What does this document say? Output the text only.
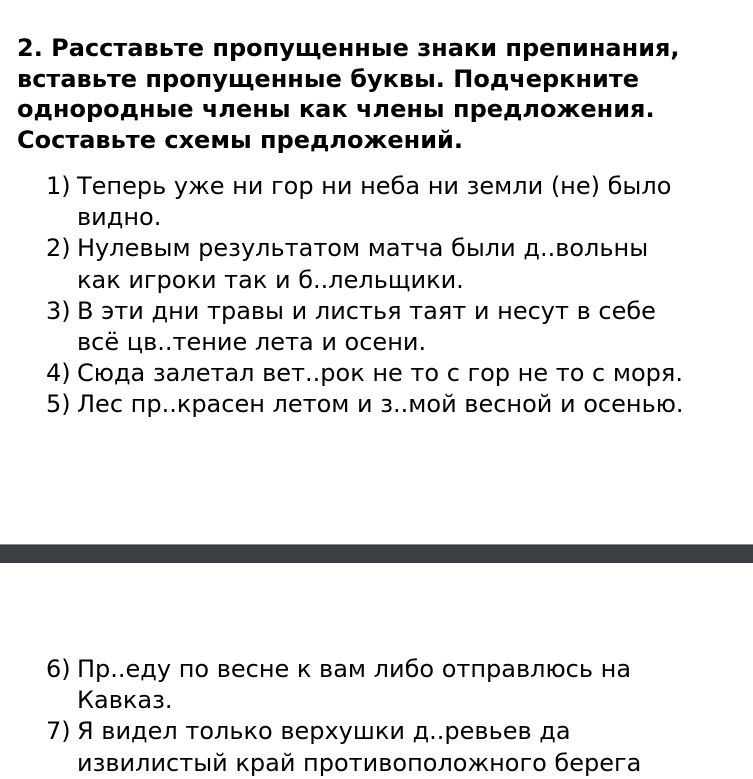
2. Расставьте пропущенные знаки препинания,
вставьте пропущенные буквы. Подчеркните
однородные члены как члены предложения.
Составьте схемы предложений.
1) Теперь уже ни гор ни неба ни земли (не) было
видно.
2) Нулевым результатом матча были д..вольны
как игроки так и б..лельщики.
3) В эти дни травы и листья таят и несут в себе
всё цв..тение лета и осени.
4) Сюда залетал вет..рок не то с гор не то с моря.
5) Лес пр..красен летом и з..мой весной и осенью.
6) Пр..еду по весне к вам либо отправлюсь на
Кавказ.
7) Я видел только верхушки д..ревьев да
извилистый край противоположного берега
